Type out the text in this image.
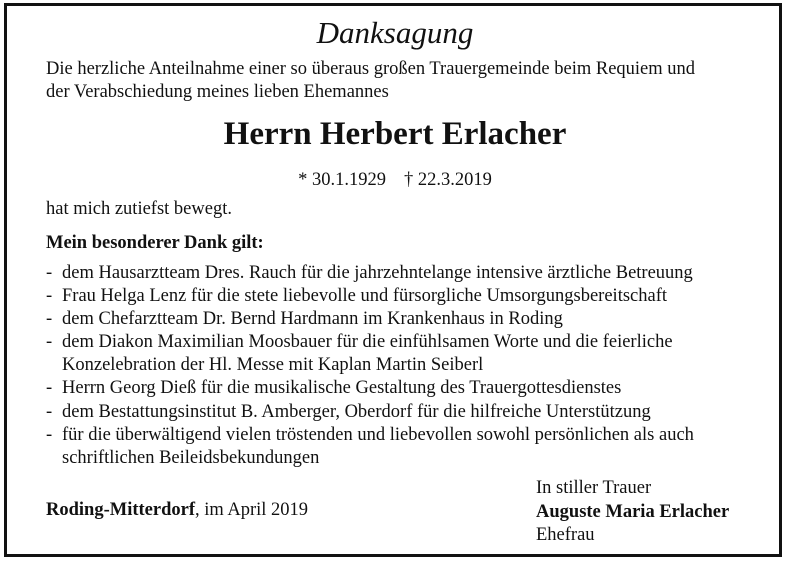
Danksagung
Die herzliche Anteilnahme einer so überaus großen Trauergemeinde beim Requiem und
der Verabschiedung meines lieben Ehemannes
Herrn Herbert Erlacher
* 30.1.1929 † 22.3.2019
hat mich zutiefst bewegt.
Mein besonderer Dank gilt:
- dem Hausarztteam Dres. Rauch für die jahrzehntelange intensive ärztliche Betreuung
- Frau Helga Lenz für die stete liebevolle und fürsorgliche Umsorgungsbereitschaft
- dem Chefarztteam Dr. Bernd Hardmann im Krankenhaus in Roding
- dem Diakon Maximilian Moosbauer für die einfühlsamen Worte und die feierliche
Konzelebration der Hl. Messe mit Kaplan Martin Seiberl
- Herrn Georg Dieß für die musikalische Gestaltung des Trauergottesdienstes
- dem Bestattungsinstitut B. Amberger, Oberdorf für die hilfreiche Unterstützung
- für die überwältigend vielen tröstenden und liebevollen sowohl persönlichen als auch
schriftlichen Beileidsbekundungen
Roding-Mitterdorf, im April 2019
In stiller Trauer
Auguste Maria Erlacher
Ehefrau
